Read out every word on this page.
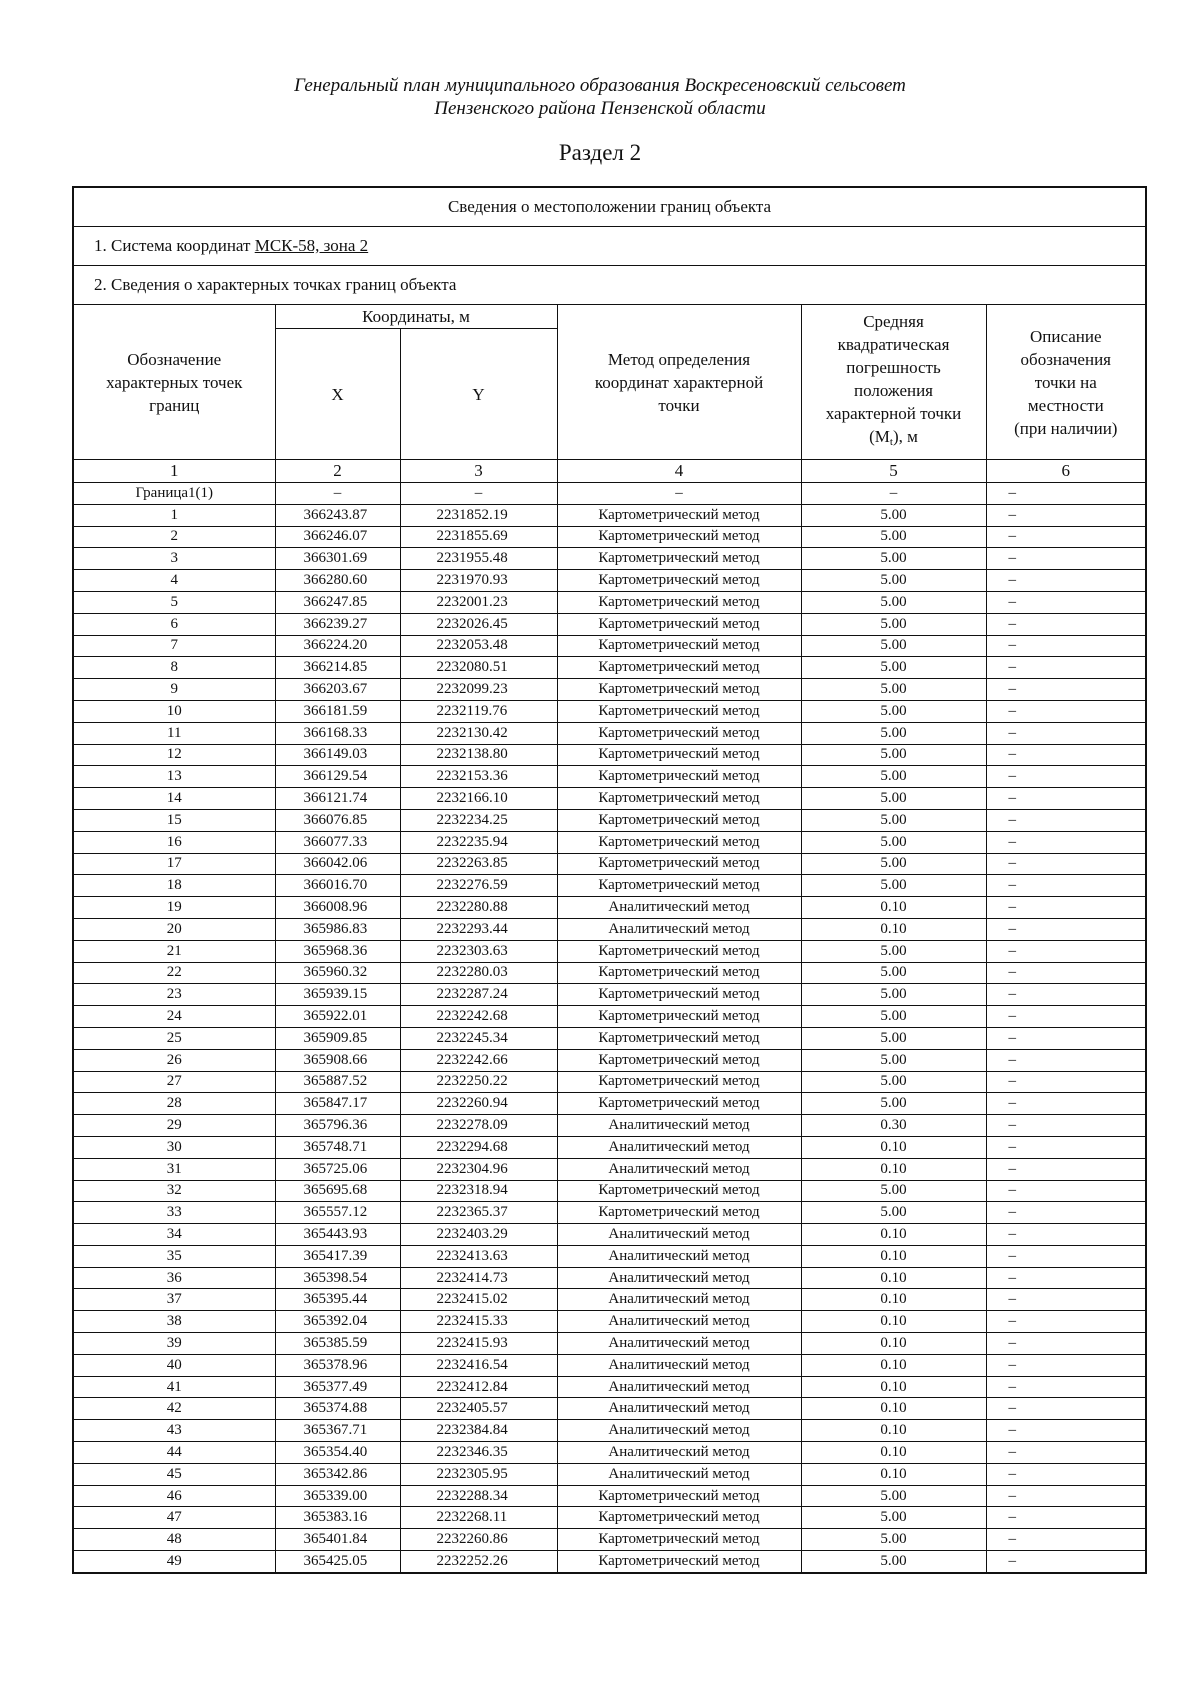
Генеральный план муниципального образования Воскресеновский сельсовет
Пензенского района Пензенской области
Раздел 2
Сведения о местоположении границ объекта					
1. Система координат МСК-58, зона 2					
2. Сведения о характерных точках границ объекта					

Обозначение характерных точек границ	Координаты, м		Метод определения координат характерной точки	Средняя квадратическая погрешность положения характерной точки $(M_t)$, м	Описание обозначения точки на местности (при наличии)

	X	Y			
1	2	3	4	5	6
Граница1(1)	–	–	–	–	–
1	366243.87	2231852.19	Картометрический метод	5.00	–
2	366246.07	2231855.69	Картометрический метод	5.00	–
3	366301.69	2231955.48	Картометрический метод	5.00	–
4	366280.60	2231970.93	Картометрический метод	5.00	–
5	366247.85	2232001.23	Картометрический метод	5.00	–
6	366239.27	2232026.45	Картометрический метод	5.00	–
7	366224.20	2232053.48	Картометрический метод	5.00	–
8	366214.85	2232080.51	Картометрический метод	5.00	–
9	366203.67	2232099.23	Картометрический метод	5.00	–
10	366181.59	2232119.76	Картометрический метод	5.00	–
11	366168.33	2232130.42	Картометрический метод	5.00	–
12	366149.03	2232138.80	Картометрический метод	5.00	–
13	366129.54	2232153.36	Картометрический метод	5.00	–
14	366121.74	2232166.10	Картометрический метод	5.00	–
15	366076.85	2232234.25	Картометрический метод	5.00	–
16	366077.33	2232235.94	Картометрический метод	5.00	–
17	366042.06	2232263.85	Картометрический метод	5.00	–
18	366016.70	2232276.59	Картометрический метод	5.00	–
19	366008.96	2232280.88	Аналитический метод	0.10	–
20	365986.83	2232293.44	Аналитический метод	0.10	–
21	365968.36	2232303.63	Картометрический метод	5.00	–
22	365960.32	2232280.03	Картометрический метод	5.00	–
23	365939.15	2232287.24	Картометрический метод	5.00	–
24	365922.01	2232242.68	Картометрический метод	5.00	–
25	365909.85	2232245.34	Картометрический метод	5.00	–
26	365908.66	2232242.66	Картометрический метод	5.00	–
27	365887.52	2232250.22	Картометрический метод	5.00	–
28	365847.17	2232260.94	Картометрический метод	5.00	–
29	365796.36	2232278.09	Аналитический метод	0.30	–
30	365748.71	2232294.68	Аналитический метод	0.10	–
31	365725.06	2232304.96	Аналитический метод	0.10	–
32	365695.68	2232318.94	Картометрический метод	5.00	–
33	365557.12	2232365.37	Картометрический метод	5.00	–
34	365443.93	2232403.29	Аналитический метод	0.10	–
35	365417.39	2232413.63	Аналитический метод	0.10	–
36	365398.54	2232414.73	Аналитический метод	0.10	–
37	365395.44	2232415.02	Аналитический метод	0.10	–
38	365392.04	2232415.33	Аналитический метод	0.10	–
39	365385.59	2232415.93	Аналитический метод	0.10	–
40	365378.96	2232416.54	Аналитический метод	0.10	–
41	365377.49	2232412.84	Аналитический метод	0.10	–
42	365374.88	2232405.57	Аналитический метод	0.10	–
43	365367.71	2232384.84	Аналитический метод	0.10	–
44	365354.40	2232346.35	Аналитический метод	0.10	–
45	365342.86	2232305.95	Аналитический метод	0.10	–
46	365339.00	2232288.34	Картометрический метод	5.00	–
47	365383.16	2232268.11	Картометрический метод	5.00	–
48	365401.84	2232260.86	Картометрический метод	5.00	–
49	365425.05	2232252.26	Картометрический метод	5.00	–
